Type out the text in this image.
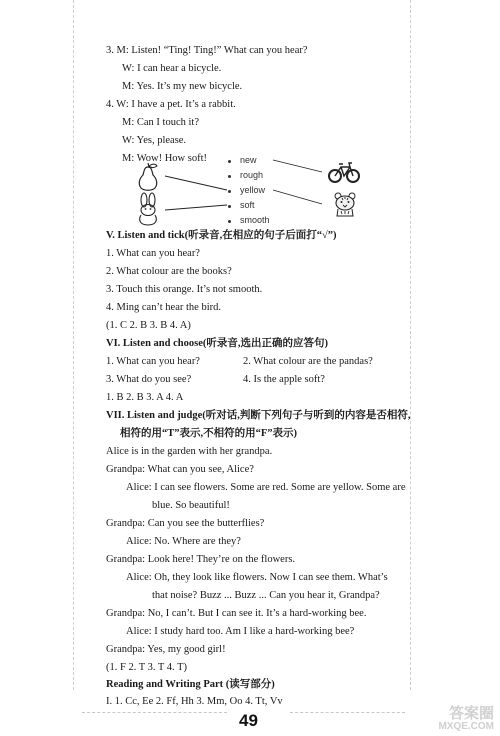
3. M: Listen! “Ting! Ting!” What can you hear?
W: I can hear a bicycle.
M: Yes. It’s my new bicycle.
4. W: I have a pet. It’s a rabbit.
M: Can I touch it?
W: Yes, please.
M: Wow! How soft!	new
rough
yellow
soft
smooth
V. Listen and tick(听录音,在相应的句子后面打“√”)
1. What can you hear?
2. What colour are the books?
3. Touch this orange. It’s not smooth.
4. Ming can’t hear the bird.
(1. C 2. B 3. B 4. A)
VI. Listen and choose(听录音,选出正确的应答句)
1. What can you hear?	2. What colour are the pandas?
3. What do you see?	4. Is the apple soft?
1. B 2. B 3. A 4. A
VII. Listen and judge(听对话,判断下列句子与听到的内容是否相符,
相符的用“T”表示,不相符的用“F”表示)
Alice is in the garden with her grandpa.
Grandpa: What can you see, Alice?
Alice: I can see flowers. Some are red. Some are yellow. Some are
blue. So beautiful!
Grandpa: Can you see the butterflies?
Alice: No. Where are they?
Grandpa: Look here! They’re on the flowers.
Alice: Oh, they look like flowers. Now I can see them. What’s
that noise? Buzz ... Buzz ... Can you hear it, Grandpa?
Grandpa: No, I can’t. But I can see it. It’s a hard-working bee.
Alice: I study hard too. Am I like a hard-working bee?
Grandpa: Yes, my good girl!
(1. F 2. T 3. T 4. T)
Reading and Writing Part (读写部分)
I. 1. Cc, Ee 2. Ff, Hh 3. Mm, Oo 4. Tt, Vv
49	答案圈
MXQE.COM
